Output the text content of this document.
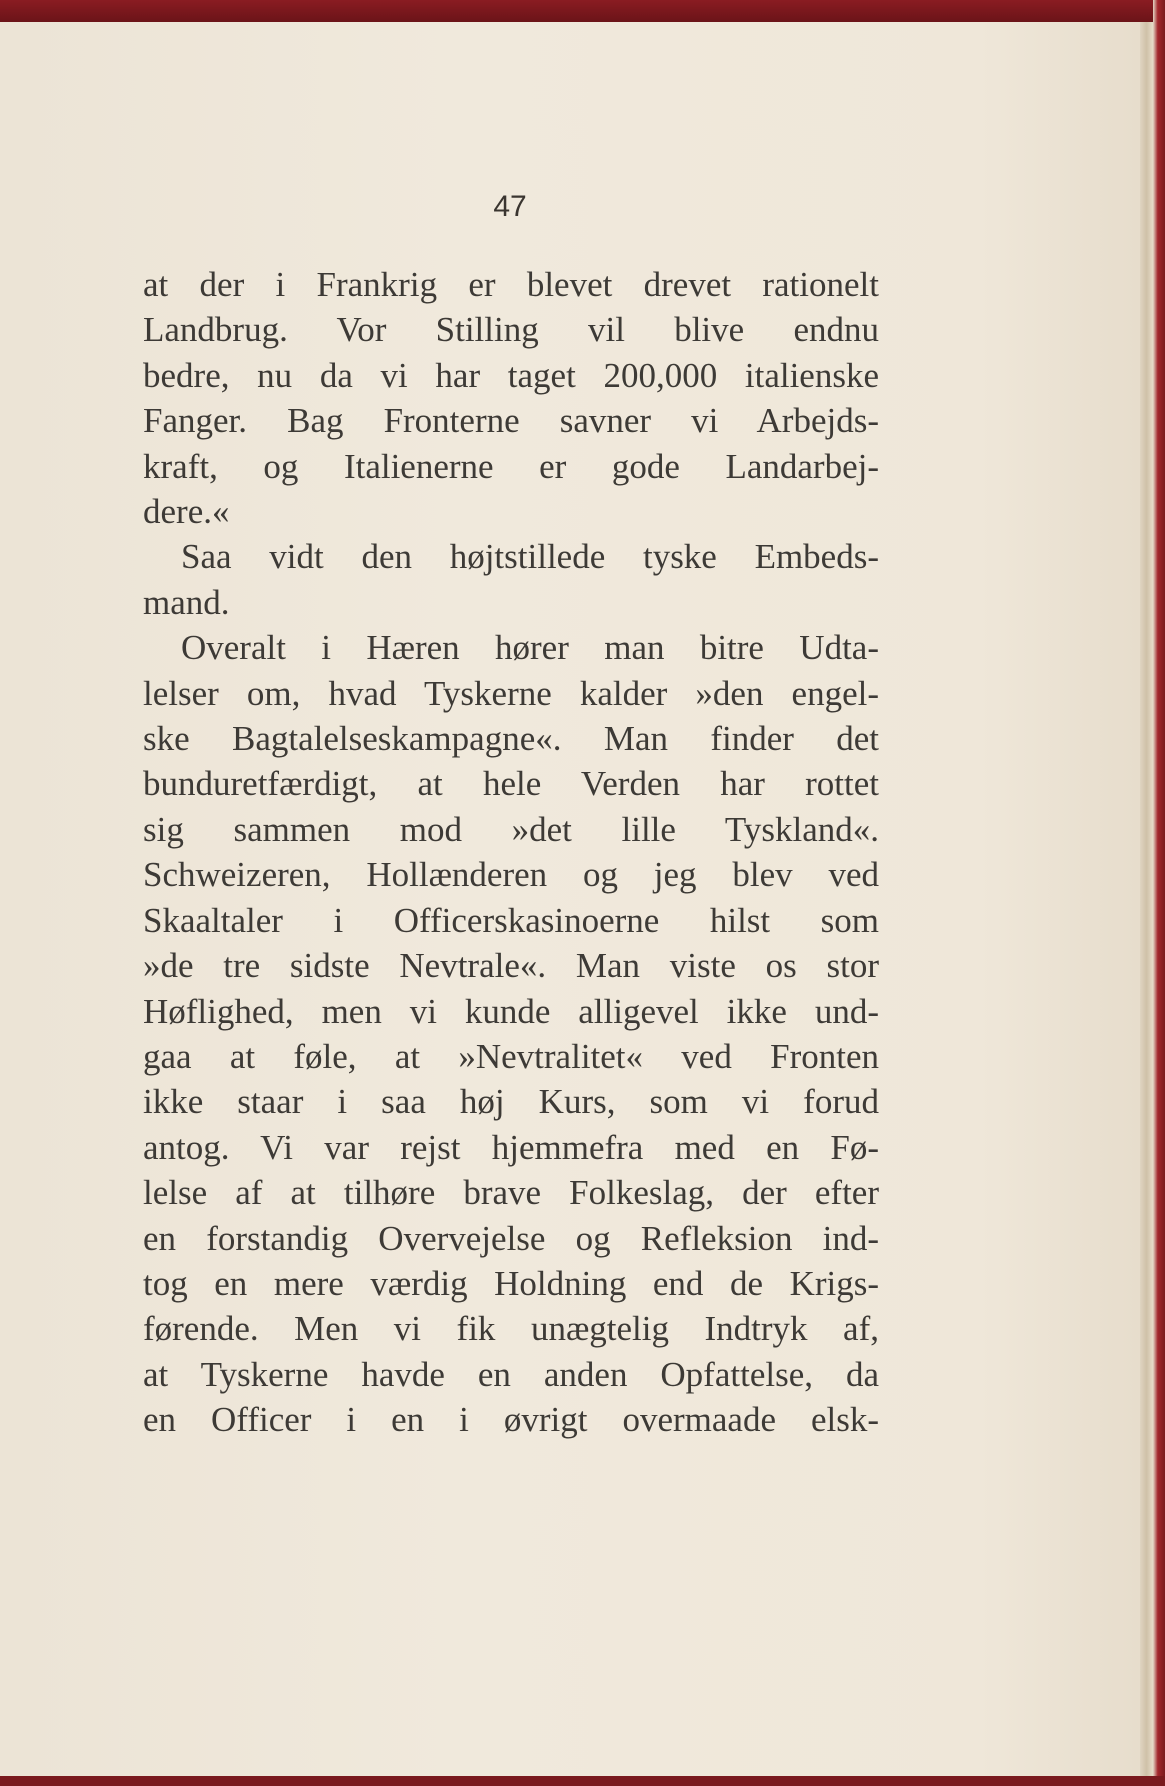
47
at der i Frankrig er blevet drevet rationelt
Landbrug. Vor Stilling vil blive endnu
bedre, nu da vi har taget 200,000 italienske
Fanger. Bag Fronterne savner vi Arbejds-
kraft, og Italienerne er gode Landarbej-
dere.«
Saa vidt den højtstillede tyske Embeds-
mand.
Overalt i Hæren hører man bitre Udta-
lelser om, hvad Tyskerne kalder »den engel-
ske Bagtalelseskampagne«. Man finder det
bunduretfærdigt, at hele Verden har rottet
sig sammen mod »det lille Tyskland«.
Schweizeren, Hollænderen og jeg blev ved
Skaaltaler i Officerskasinoerne hilst som
»de tre sidste Nevtrale«. Man viste os stor
Høflighed, men vi kunde alligevel ikke und-
gaa at føle, at »Nevtralitet« ved Fronten
ikke staar i saa høj Kurs, som vi forud
antog. Vi var rejst hjemmefra med en Fø-
lelse af at tilhøre brave Folkeslag, der efter
en forstandig Overvejelse og Refleksion ind-
tog en mere værdig Holdning end de Krigs-
førende. Men vi fik unægtelig Indtryk af,
at Tyskerne havde en anden Opfattelse, da
en Officer i en i øvrigt overmaade elsk-
